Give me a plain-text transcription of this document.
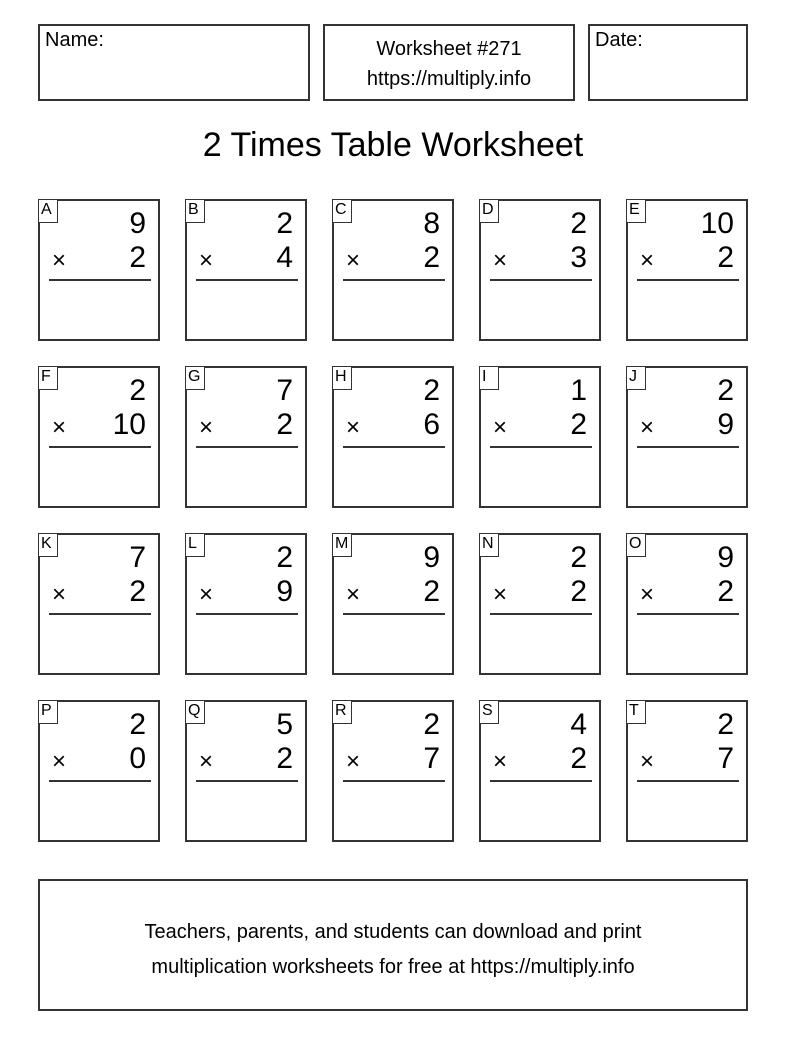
Name:	Worksheet #271
https://multiply.info
Date:
2 Times Table Worksheet
A	9
× 2
B	2
× 4
C	8
× 2
D	2
× 3
E 10
× 2
F	2
× 10
G	7
× 2
H	2
× 6
I	1
× 2
J	2
× 9
K	7
× 2
L	2
× 9
M 9
× 2
N	2
× 2
O	9
× 2
P	2
× 0
Q	5
× 2
R	2
× 7
S	4
× 2
T	2
× 7
Teachers, parents, and students can download and print
multiplication worksheets for free at https://multiply.info
